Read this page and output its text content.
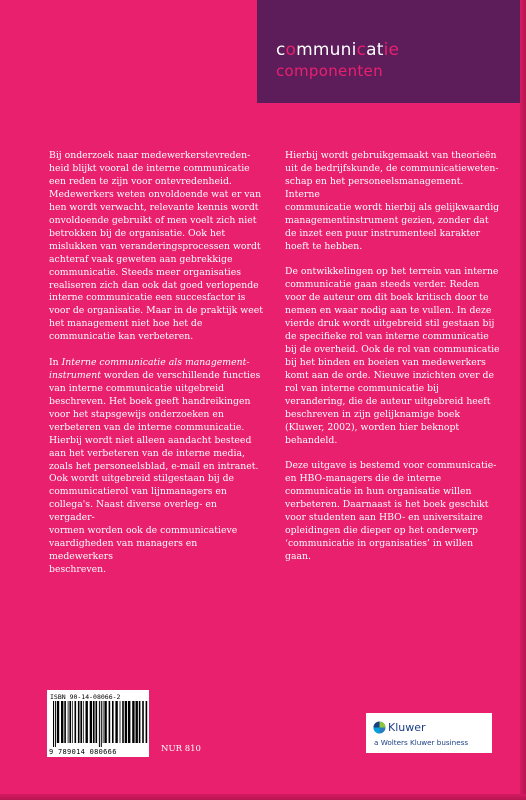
communicatie
componenten

Bij onderzoek naar medewerkerstevreden-
heid blijkt vooral de interne communicatie
een reden te zijn voor ontevredenheid.
Medewerkers weten onvoldoende wat er van
hen wordt verwacht, relevante kennis wordt
onvoldoende gebruikt of men voelt zich niet
betrokken bij de organisatie. Ook het
mislukken van veranderingsprocessen wordt
achteraf vaak geweten aan gebrekkige
communicatie. Steeds meer organisaties
realiseren zich dan ook dat goed verlopende
interne communicatie een succesfactor is
voor de organisatie. Maar in de praktijk weet
het management niet hoe het de
communicatie kan verbeteren.

In Interne communicatie als management-
instrument worden de verschillende functies
van interne communicatie uitgebreid
beschreven. Het boek geeft handreikingen
voor het stapsgewijs onderzoeken en
verbeteren van de interne communicatie.
Hierbij wordt niet alleen aandacht besteed
aan het verbeteren van de interne media,
zoals het personeelsblad, e-mail en intranet.
Ook wordt uitgebreid stilgestaan bij de
communicatierol van lijnmanagers en
collega's. Naast diverse overleg- en vergader-
vormen worden ook de communicatieve
vaardigheden van managers en medewerkers
beschreven.

Hierbij wordt gebruikgemaakt van theorieën
uit de bedrijfskunde, de communicatieweten-
schap en het personeelsmanagement. Interne
communicatie wordt hierbij als gelijkwaardig
managementinstrument gezien, zonder dat
de inzet een puur instrumenteel karakter
hoeft te hebben.

De ontwikkelingen op het terrein van interne
communicatie gaan steeds verder. Reden
voor de auteur om dit boek kritisch door te
nemen en waar nodig aan te vullen. In deze
vierde druk wordt uitgebreid stil gestaan bij
de specifieke rol van interne communicatie
bij de overheid. Ook de rol van communicatie
bij het binden en boeien van medewerkers
komt aan de orde. Nieuwe inzichten over de
rol van interne communicatie bij
verandering, die de auteur uitgebreid heeft
beschreven in zijn gelijknamige boek
(Kluwer, 2002), worden hier beknopt
behandeld.

Deze uitgave is bestemd voor communicatie-
en HBO-managers die de interne
communicatie in hun organisatie willen
verbeteren. Daarnaast is het boek geschikt
voor studenten aan HBO- en universitaire
opleidingen die dieper op het onderwerp
‘communicatie in organisaties’ in willen gaan.

ISBN 90-14-08066-2
9 789014 080666	NUR 810
Kluwer
a Wolters Kluwer business
